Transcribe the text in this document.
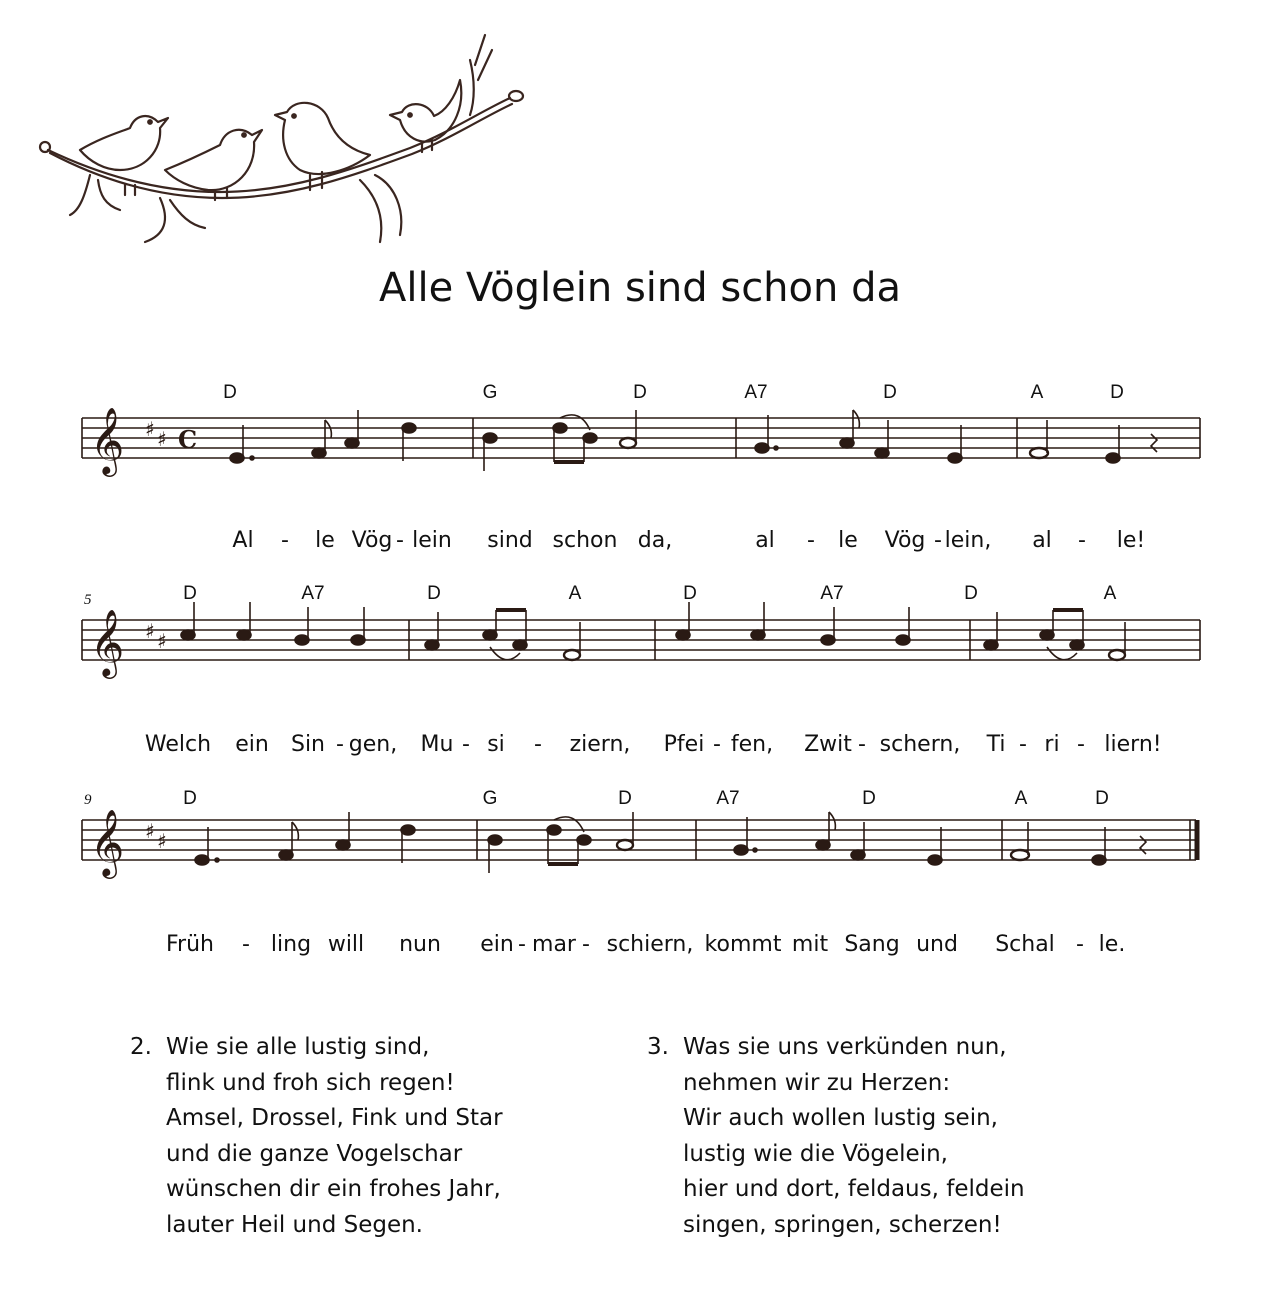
Alle Vöglein sind schon da
D	G	D	A7	D	A	D
𝄞 ♯ ♯ C
Al - le Vög - lein sind schon da,	al - le Vög - lein, al - le!
5	D	A7	D	A	D	A7	D	A
𝄞 ♯ ♯
Welch ein Sin - gen, Mu - si - ziern, Pfei - fen, Zwit - schern, Ti - ri - liern!
9	D	G	D	A7	D	A	D
𝄞 ♯ ♯
Früh - ling will nun ein - mar - schiern, kommt mit Sang und Schal - le.
2. Wie sie alle lustig sind,
flink und froh sich regen!
Amsel, Drossel, Fink und Star
und die ganze Vogelschar
wünschen dir ein frohes Jahr,
lauter Heil und Segen.
3. Was sie uns verkünden nun,
nehmen wir zu Herzen:
Wir auch wollen lustig sein,
lustig wie die Vögelein,
hier und dort, feldaus, feldein
singen, springen, scherzen!
